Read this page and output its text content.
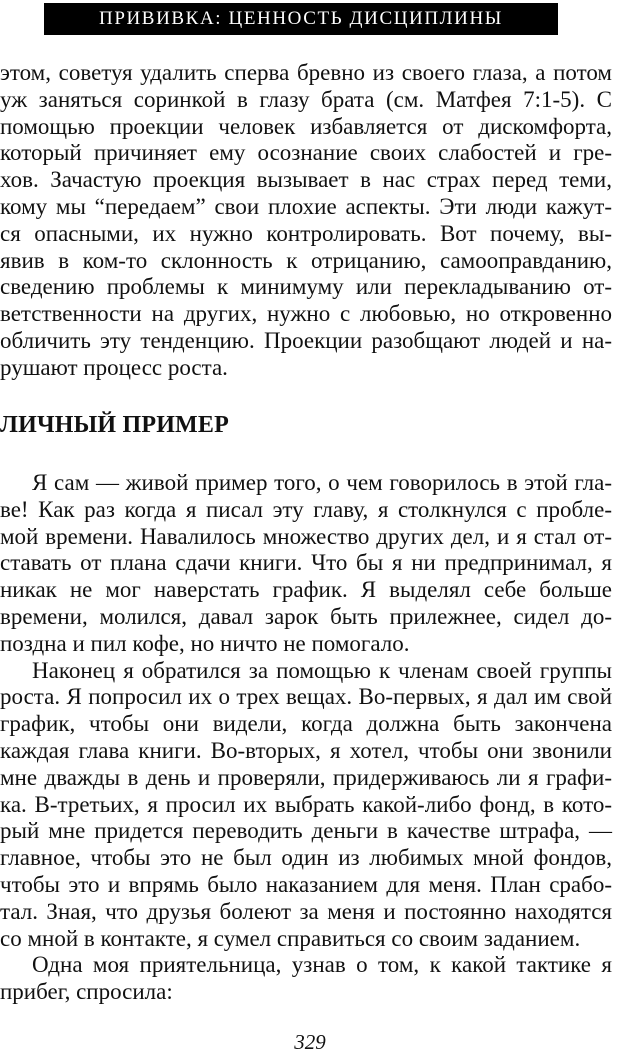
ПРИВИВКА: ЦЕННОСТЬ ДИСЦИПЛИНЫ
этом, советуя удалить сперва бревно из своего глаза, а потом
уж заняться соринкой в глазу брата (см. Матфея 7:1-5). С
помощью проекции человек избавляется от дискомфорта,
который причиняет ему осознание своих слабостей и гре-
хов. Зачастую проекция вызывает в нас страх перед теми,
кому мы “передаем” свои плохие аспекты. Эти люди кажут-
ся опасными, их нужно контролировать. Вот почему, вы-
явив в ком-то склонность к отрицанию, самооправданию,
сведению проблемы к минимуму или перекладыванию от-
ветственности на других, нужно с любовью, но откровенно
обличить эту тенденцию. Проекции разобщают людей и на-
рушают процесс роста.
ЛИЧНЫЙ ПРИМЕР
Я сам — живой пример того, о чем говорилось в этой гла-
ве! Как раз когда я писал эту главу, я столкнулся с пробле-
мой времени. Навалилось множество других дел, и я стал от-
ставать от плана сдачи книги. Что бы я ни предпринимал, я
никак не мог наверстать график. Я выделял себе больше
времени, молился, давал зарок быть прилежнее, сидел до-
поздна и пил кофе, но ничто не помогало.
Наконец я обратился за помощью к членам своей группы
роста. Я попросил их о трех вещах. Во-первых, я дал им свой
график, чтобы они видели, когда должна быть закончена
каждая глава книги. Во-вторых, я хотел, чтобы они звонили
мне дважды в день и проверяли, придерживаюсь ли я графи-
ка. В-третьих, я просил их выбрать какой-либо фонд, в кото-
рый мне придется переводить деньги в качестве штрафа, —
главное, чтобы это не был один из любимых мной фондов,
чтобы это и впрямь было наказанием для меня. План срабо-
тал. Зная, что друзья болеют за меня и постоянно находятся
со мной в контакте, я сумел справиться со своим заданием.
Одна моя приятельница, узнав о том, к какой тактике я
прибег, спросила:
329
